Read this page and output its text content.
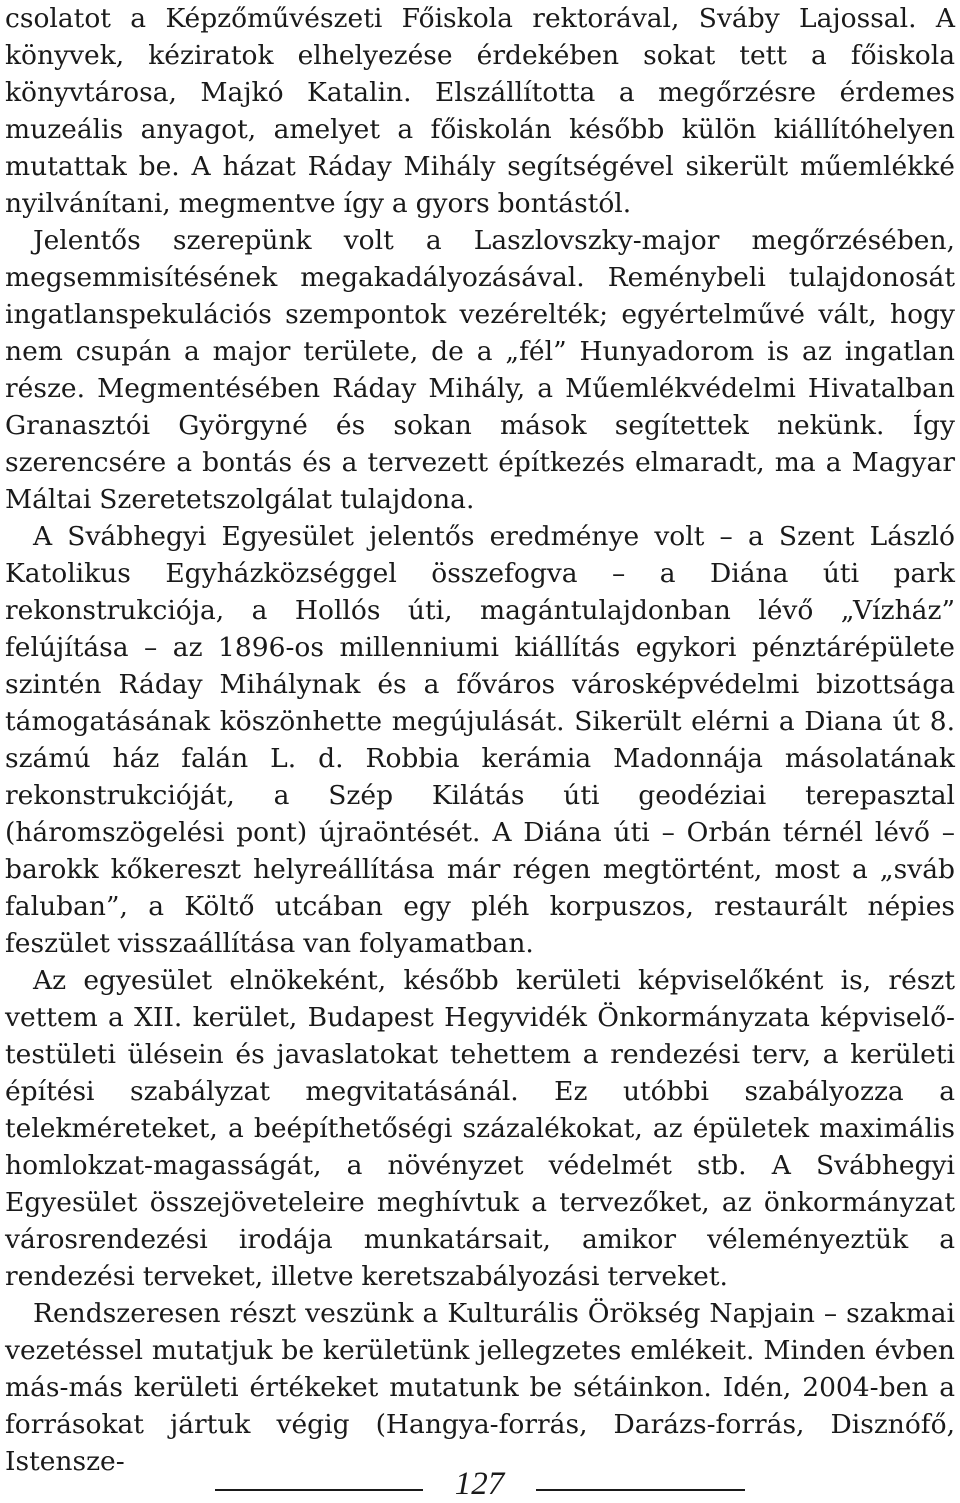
csolatot a Képzőművészeti Főiskola rektorával, Sváby Lajossal. A könyvek, kéziratok elhelyezése érdekében sokat tett a főiskola könyvtárosa, Majkó Katalin. Elszállította a megőrzésre érdemes muzeális anyagot, amelyet a főiskolán később külön kiállítóhelyen mutattak be. A házat Ráday Mihály segítségével sikerült műemlékké nyilvánítani, megmentve így a gyors bontástól.

Jelentős szerepünk volt a Laszlovszky-major megőrzésében, megsemmisítésének megakadályozásával. Reménybeli tulajdonosát ingatlanspekulációs szempontok vezérelték; egyértelművé vált, hogy nem csupán a major területe, de a „fél” Hunyadorom is az ingatlan része. Megmentésében Ráday Mihály, a Műemlékvédelmi Hivatalban Granasztói Györgyné és sokan mások segítettek nekünk. Így szerencsére a bontás és a tervezett építkezés elmaradt, ma a Magyar Máltai Szeretetszolgálat tulajdona.

A Svábhegyi Egyesület jelentős eredménye volt – a Szent László Katolikus Egyházközséggel összefogva – a Diána úti park rekonstrukciója, a Hollós úti, magántulajdonban lévő „Vízház” felújítása – az 1896-os millenniumi kiállítás egykori pénztárépülete szintén Ráday Mihálynak és a főváros városképvédelmi bizottsága támogatásának köszönhette megújulását. Sikerült elérni a Diana út 8. számú ház falán L. d. Robbia kerámia Madonnája másolatának rekonstrukcióját, a Szép Kilátás úti geodéziai terepasztal (háromszögelési pont) újraöntését. A Diána úti – Orbán térnél lévő – barokk kőkereszt helyreállítása már régen megtörtént, most a „sváb faluban”, a Költő utcában egy pléh korpuszos, restaurált népies feszület visszaállítása van folyamatban.

Az egyesület elnökeként, később kerületi képviselőként is, részt vettem a XII. kerület, Budapest Hegyvidék Önkormányzata képviselő-testületi ülésein és javaslatokat tehettem a rendezési terv, a kerületi építési szabályzat megvitatásánál. Ez utóbbi szabályozza a telekméreteket, a beépíthetőségi százalékokat, az épületek maximális homlokzat-magasságát, a növényzet védelmét stb. A Svábhegyi Egyesület összejöveteleire meghívtuk a tervezőket, az önkormányzat városrendezési irodája munkatársait, amikor véleményeztük a rendezési terveket, illetve keretszabályozási terveket.

Rendszeresen részt veszünk a Kulturális Örökség Napjain – szakmai vezetéssel mutatjuk be kerületünk jellegzetes emlékeit. Minden évben más-más kerületi értékeket mutatunk be sétáinkon. Idén, 2004-ben a forrásokat jártuk végig (Hangya-forrás, Darázs-forrás, Disznófő, Istensze-

127
